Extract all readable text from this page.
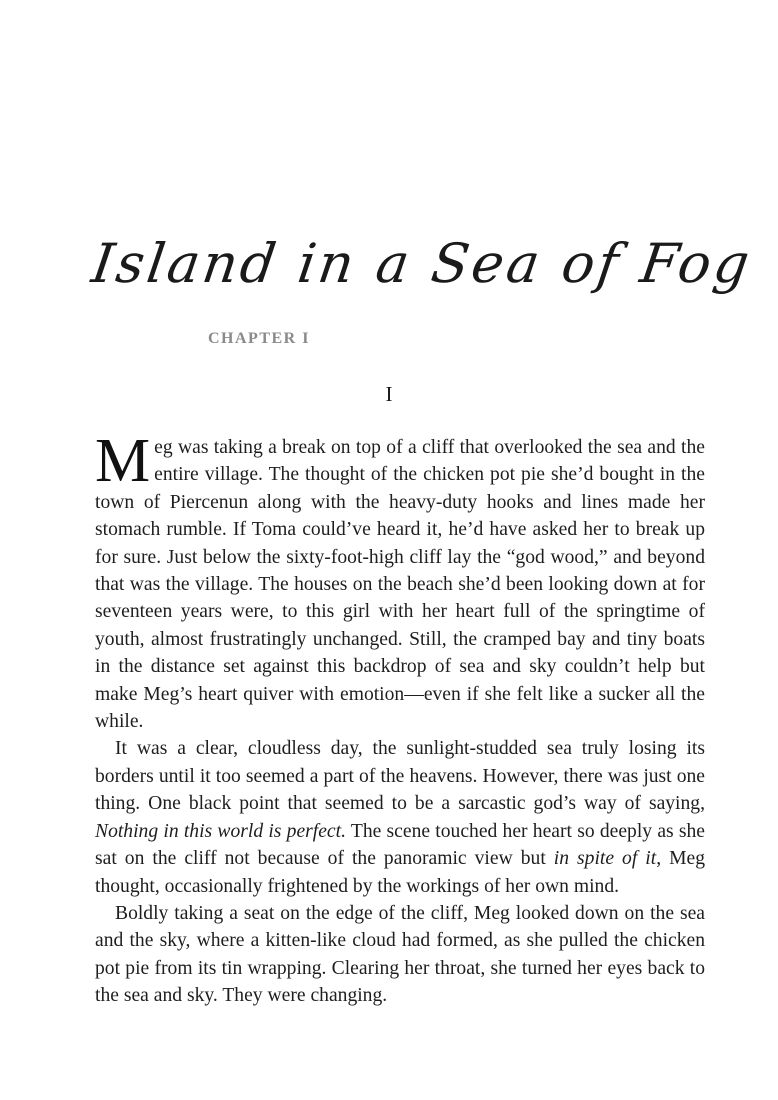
Island in a Sea of Fog
CHAPTER I
I

Meg was taking a break on top of a cliff that overlooked the sea and the entire village. The thought of the chicken pot pie she’d bought in the town of Piercenun along with the heavy-duty hooks and lines made her stomach rumble. If Toma could’ve heard it, he’d have asked her to break up for sure. Just below the sixty-foot-high cliff lay the “god wood,” and beyond that was the village. The houses on the beach she’d been looking down at for seventeen years were, to this girl with her heart full of the springtime of youth, almost frustratingly unchanged. Still, the cramped bay and tiny boats in the distance set against this backdrop of sea and sky couldn’t help but make Meg’s heart quiver with emotion—even if she felt like a sucker all the while.

It was a clear, cloudless day, the sunlight-studded sea truly losing its borders until it too seemed a part of the heavens. However, there was just one thing. One black point that seemed to be a sarcastic god’s way of saying, Nothing in this world is perfect. The scene touched her heart so deeply as she sat on the cliff not because of the panoramic view but in spite of it, Meg thought, occasionally frightened by the workings of her own mind.

Boldly taking a seat on the edge of the cliff, Meg looked down on the sea and the sky, where a kitten-like cloud had formed, as she pulled the chicken pot pie from its tin wrapping. Clearing her throat, she turned her eyes back to the sea and sky. They were changing.
